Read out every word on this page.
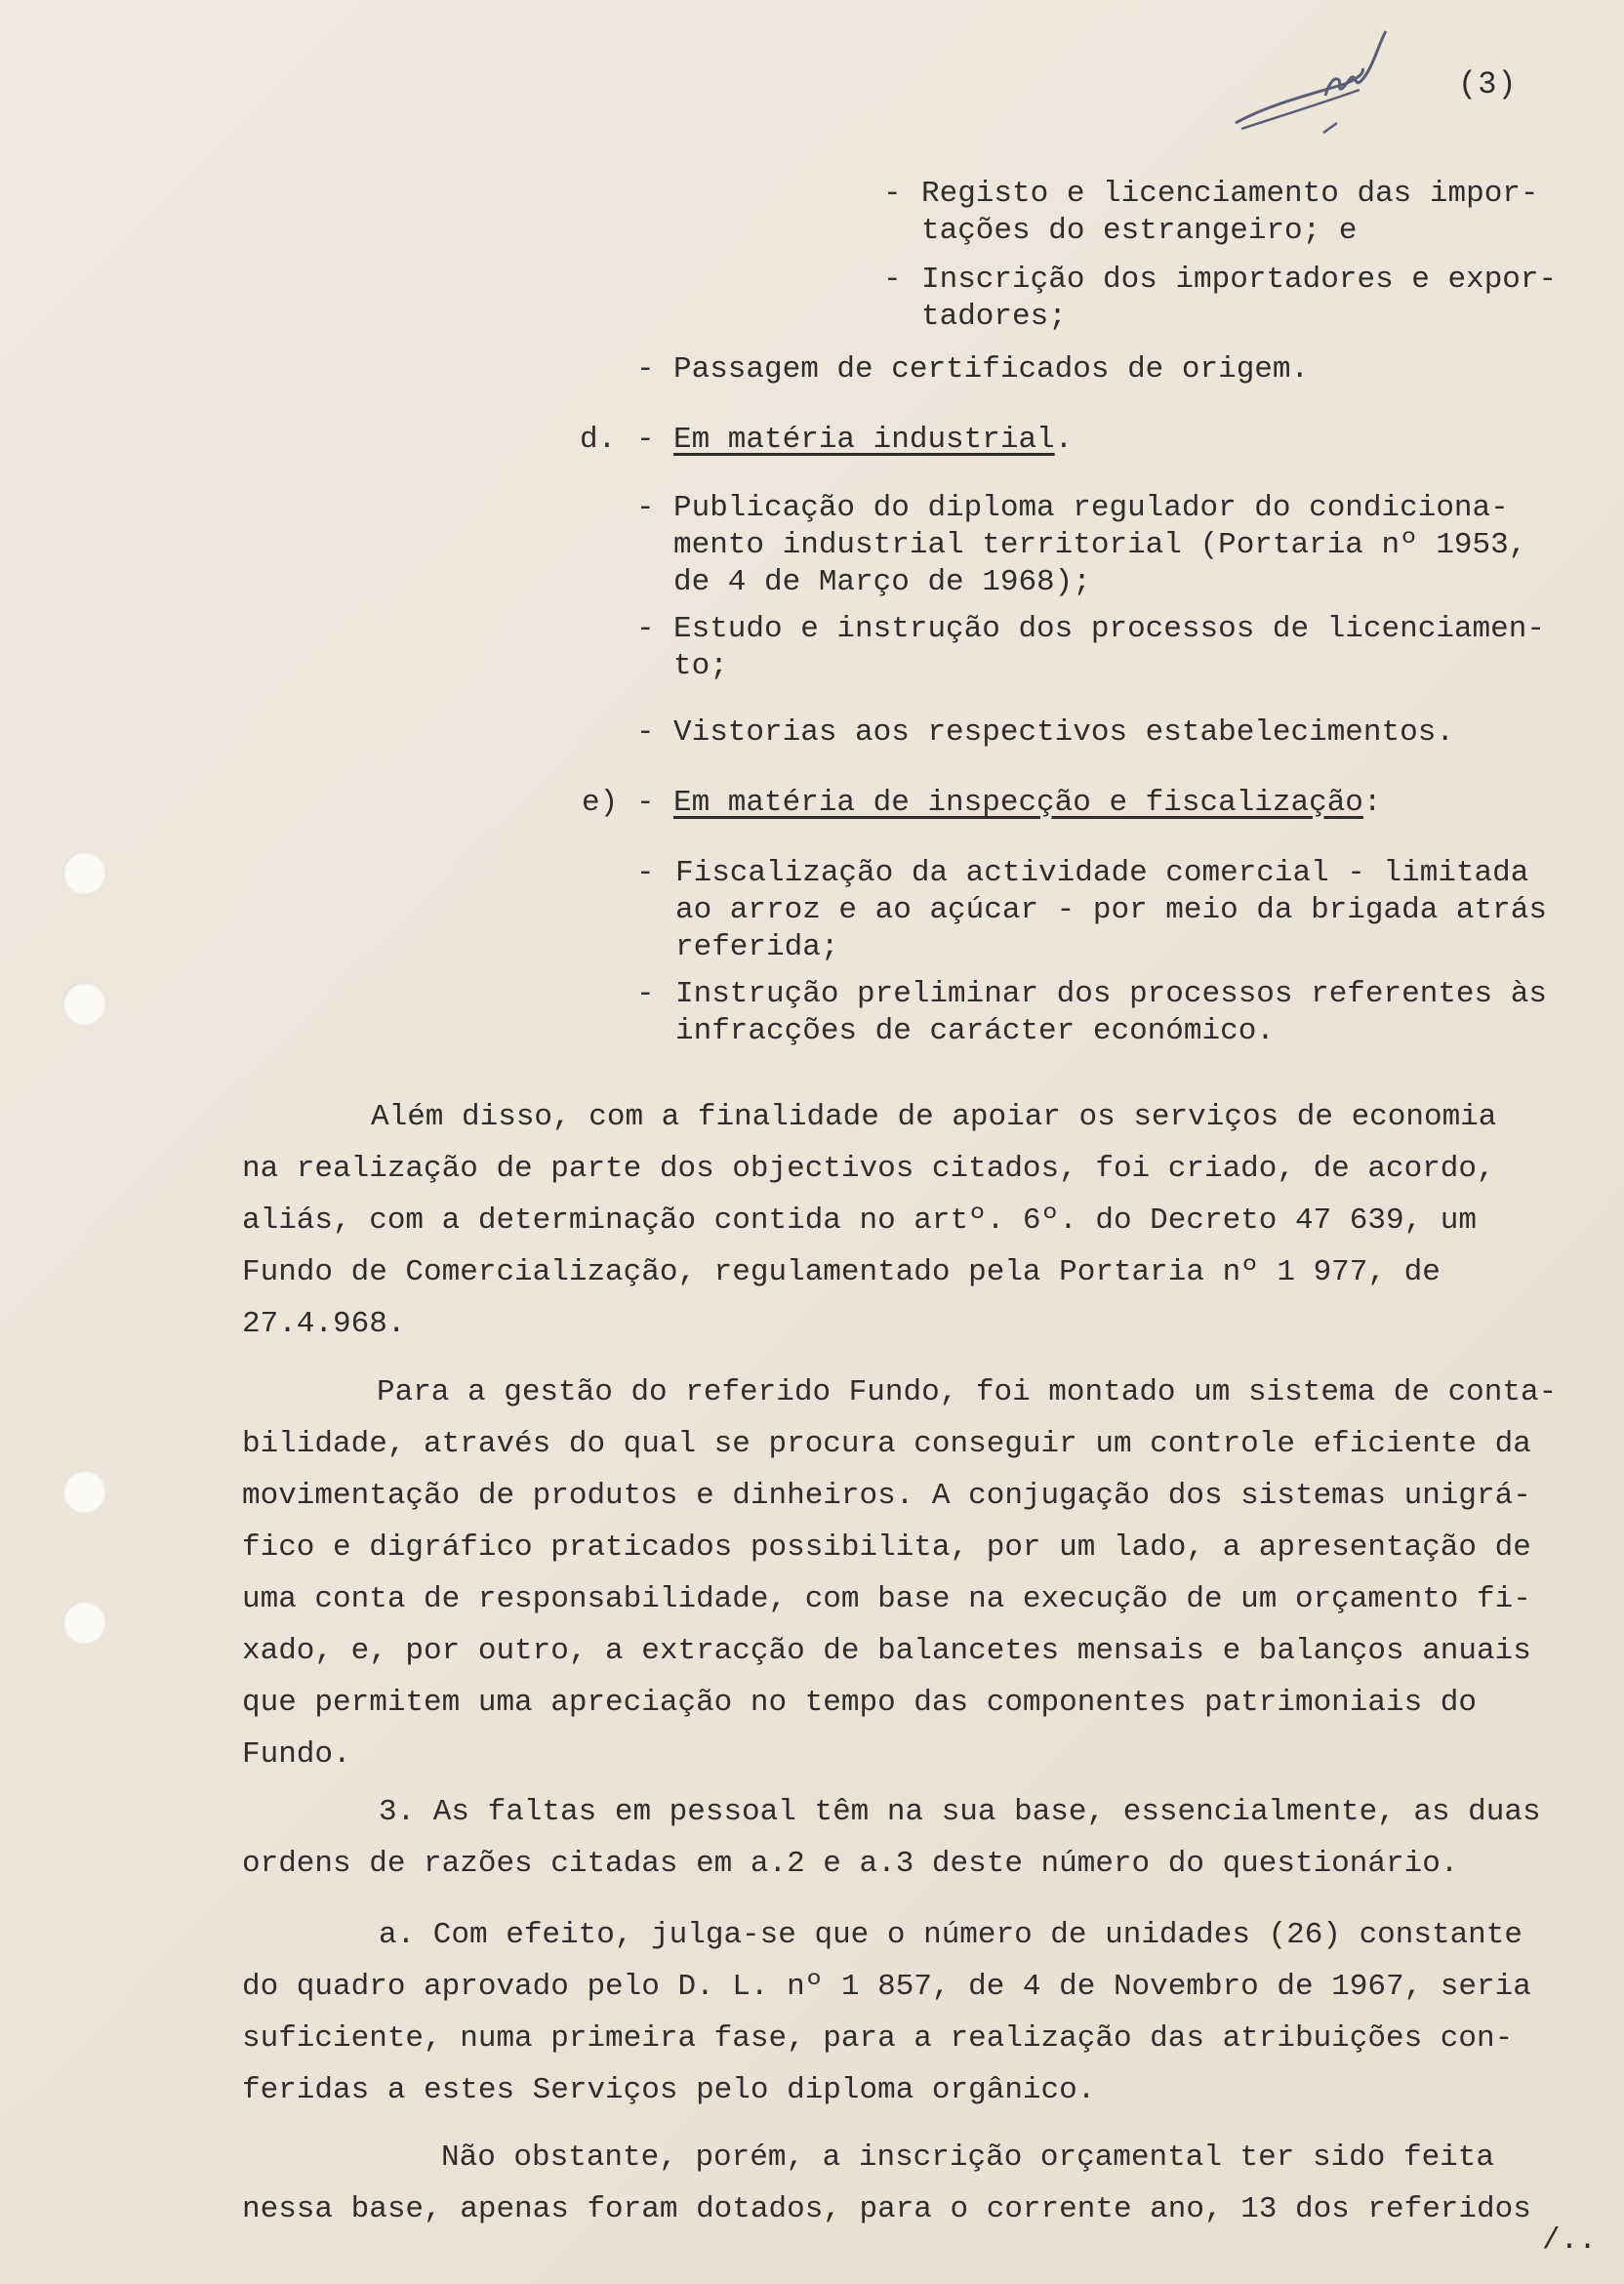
(3)
- Registo e licenciamento das impor-
tações do estrangeiro; e
- Inscrição dos importadores e expor-
tadores;
- Passagem de certificados de origem.
d. - Em matéria industrial.
- Publicação do diploma regulador do condiciona-
mento industrial territorial (Portaria nº 1953,
de 4 de Março de 1968);
- Estudo e instrução dos processos de licenciamen-
to;
- Vistorias aos respectivos estabelecimentos.
e) - Em matéria de inspecção e fiscalização:
- Fiscalização da actividade comercial - limitada
ao arroz e ao açúcar - por meio da brigada atrás
referida;
- Instrução preliminar dos processos referentes às
infracções de carácter económico.
Além disso, com a finalidade de apoiar os serviços de economia
na realização de parte dos objectivos citados, foi criado, de acordo,
aliás, com a determinação contida no artº. 6º. do Decreto 47 639, um
Fundo de Comercialização, regulamentado pela Portaria nº 1 977, de
27.4.968.
Para a gestão do referido Fundo, foi montado um sistema de conta-
bilidade, através do qual se procura conseguir um controle eficiente da
movimentação de produtos e dinheiros. A conjugação dos sistemas unigrá-
fico e digráfico praticados possibilita, por um lado, a apresentação de
uma conta de responsabilidade, com base na execução de um orçamento fi-
xado, e, por outro, a extracção de balancetes mensais e balanços anuais
que permitem uma apreciação no tempo das componentes patrimoniais do
Fundo.
3. As faltas em pessoal têm na sua base, essencialmente, as duas
ordens de razões citadas em a.2 e a.3 deste número do questionário.
a. Com efeito, julga-se que o número de unidades (26) constante
do quadro aprovado pelo D. L. nº 1 857, de 4 de Novembro de 1967, seria
suficiente, numa primeira fase, para a realização das atribuições con-
feridas a estes Serviços pelo diploma orgânico.
Não obstante, porém, a inscrição orçamental ter sido feita
nessa base, apenas foram dotados, para o corrente ano, 13 dos referidos
/..
